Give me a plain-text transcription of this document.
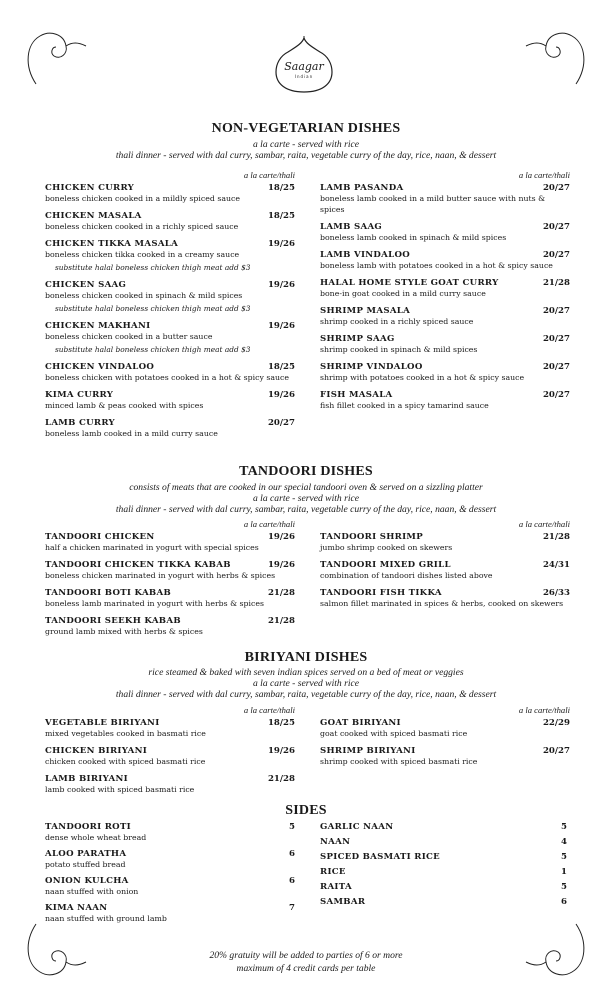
Saagar
Indian
NON-VEGETARIAN DISHES
a la carte - served with rice
thali dinner - served with dal curry, sambar, raita, vegetable curry of the day, rice, naan, & dessert
a la carte/thali
CHICKEN CURRY	18/25
boneless chicken cooked in a mildly spiced sauce
CHICKEN MASALA	18/25
boneless chicken cooked in a richly spiced sauce
CHICKEN TIKKA MASALA	19/26
boneless chicken tikka cooked in a creamy sauce
substitute halal boneless chicken thigh meat add $3
CHICKEN SAAG	19/26
boneless chicken cooked in spinach & mild spices
substitute halal boneless chicken thigh meat add $3
CHICKEN MAKHANI	19/26
boneless chicken cooked in a butter sauce
substitute halal boneless chicken thigh meat add $3
CHICKEN VINDALOO	18/25
boneless chicken with potatoes cooked in a hot & spicy sauce
KIMA CURRY	19/26
minced lamb & peas cooked with spices
LAMB CURRY	20/27
boneless lamb cooked in a mild curry sauce
a la carte/thali
LAMB PASANDA	20/27
boneless lamb cooked in a mild butter sauce with nuts & spices
LAMB SAAG	20/27
boneless lamb cooked in spinach & mild spices
LAMB VINDALOO	20/27
boneless lamb with potatoes cooked in a hot & spicy sauce
HALAL HOME STYLE GOAT CURRY	21/28
bone-in goat cooked in a mild curry sauce
SHRIMP MASALA	20/27
shrimp cooked in a richly spiced sauce
SHRIMP SAAG	20/27
shrimp cooked in spinach & mild spices
SHRIMP VINDALOO	20/27
shrimp with potatoes cooked in a hot & spicy sauce
FISH MASALA	20/27
fish fillet cooked in a spicy tamarind sauce
TANDOORI DISHES
consists of meats that are cooked in our special tandoori oven & served on a sizzling platter
a la carte - served with rice
thali dinner - served with dal curry, sambar, raita, vegetable curry of the day, rice, naan, & dessert
a la carte/thali
TANDOORI CHICKEN	19/26
half a chicken marinated in yogurt with special spices
TANDOORI CHICKEN TIKKA KABAB	19/26
boneless chicken marinated in yogurt with herbs & spices
TANDOORI BOTI KABAB	21/28
boneless lamb marinated in yogurt with herbs & spices
TANDOORI SEEKH KABAB	21/28
ground lamb mixed with herbs & spices
a la carte/thali
TANDOORI SHRIMP	21/28
jumbo shrimp cooked on skewers
TANDOORI MIXED GRILL	24/31
combination of tandoori dishes listed above
TANDOORI FISH TIKKA	26/33
salmon fillet marinated in spices & herbs, cooked on skewers
BIRIYANI DISHES
rice steamed & baked with seven indian spices served on a bed of meat or veggies
a la carte - served with rice
thali dinner - served with dal curry, sambar, raita, vegetable curry of the day, rice, naan, & dessert
a la carte/thali
VEGETABLE BIRIYANI	18/25
mixed vegetables cooked in basmati rice
CHICKEN BIRIYANI	19/26
chicken cooked with spiced basmati rice
LAMB BIRIYANI	21/28
lamb cooked with spiced basmati rice
a la carte/thali
GOAT BIRIYANI	22/29
goat cooked with spiced basmati rice
SHRIMP BIRIYANI	20/27
shrimp cooked with spiced basmati rice
SIDES
TANDOORI ROTI	5
dense whole wheat bread
ALOO PARATHA	6
potato stuffed bread
ONION KULCHA	6
naan stuffed with onion
KIMA NAAN	7
naan stuffed with ground lamb
GARLIC NAAN	5
NAAN	4
SPICED BASMATI RICE	5
RICE	1
RAITA	5
SAMBAR	6
20% gratuity will be added to parties of 6 or more
maximum of 4 credit cards per table
